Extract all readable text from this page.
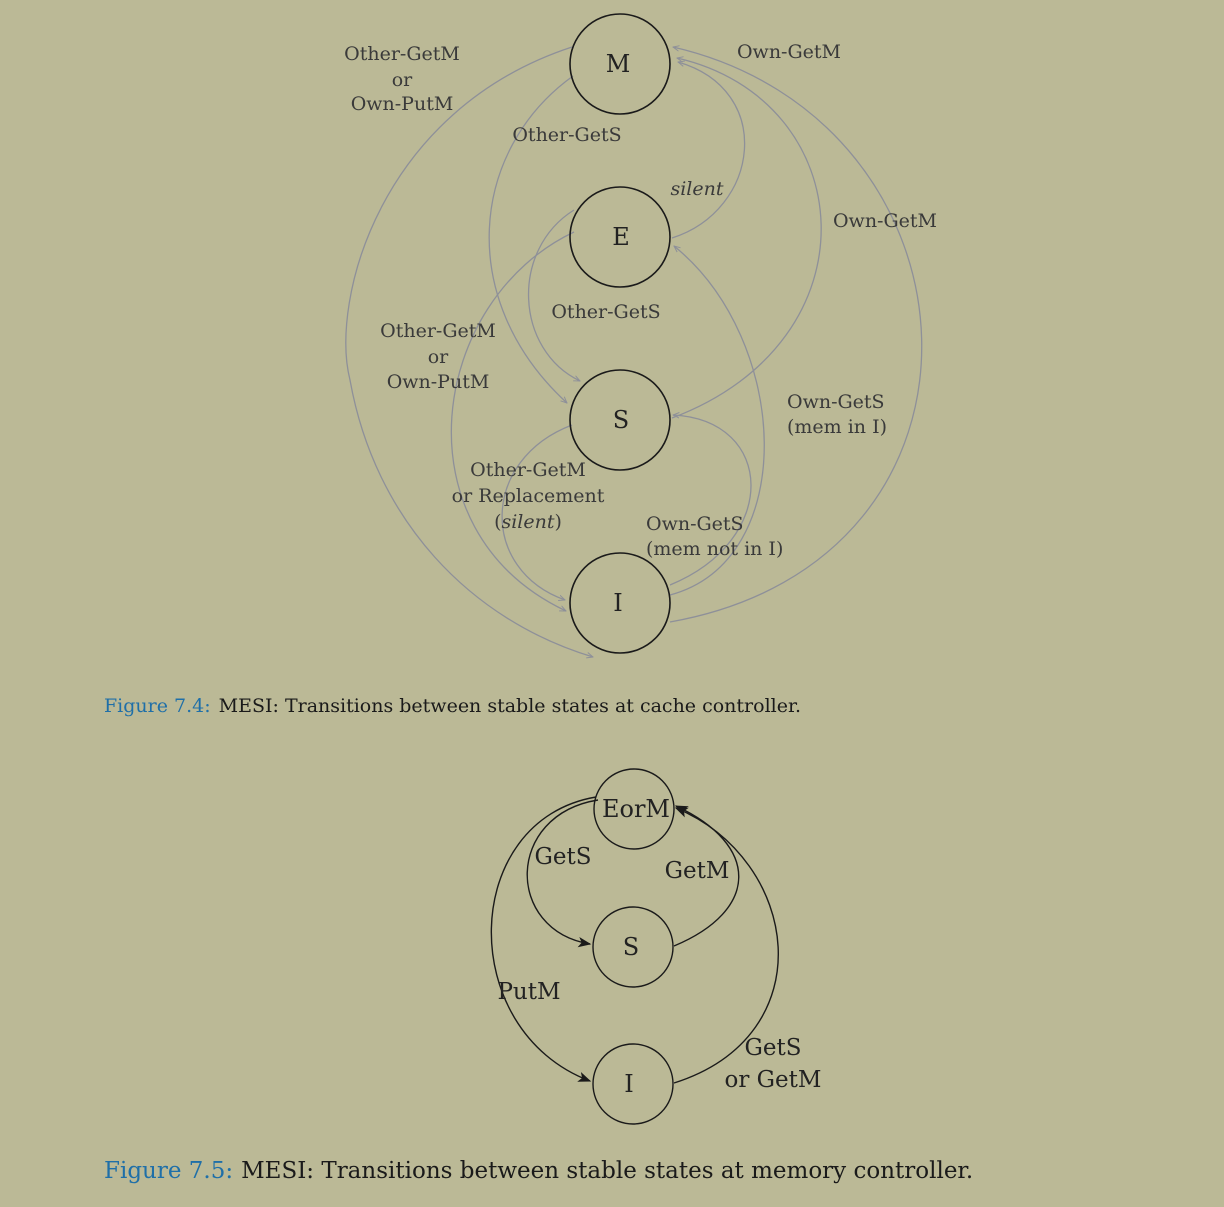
M
E
S
I
Other-GetM
or
Own-PutM
Own-GetM
Other-GetS
silent
Own-GetM
Other-GetS
Other-GetM
or
Own-PutM
Own-GetS
(mem in I)
Other-GetM
or Replacement
(silent)	Own-GetS
(mem not in I)
Figure 7.4: MESI: Transitions between stable states at cache controller.
EorM
S
I
GetS
GetM
PutM
GetS
or GetM
Figure 7.5: MESI: Transitions between stable states at memory controller.
